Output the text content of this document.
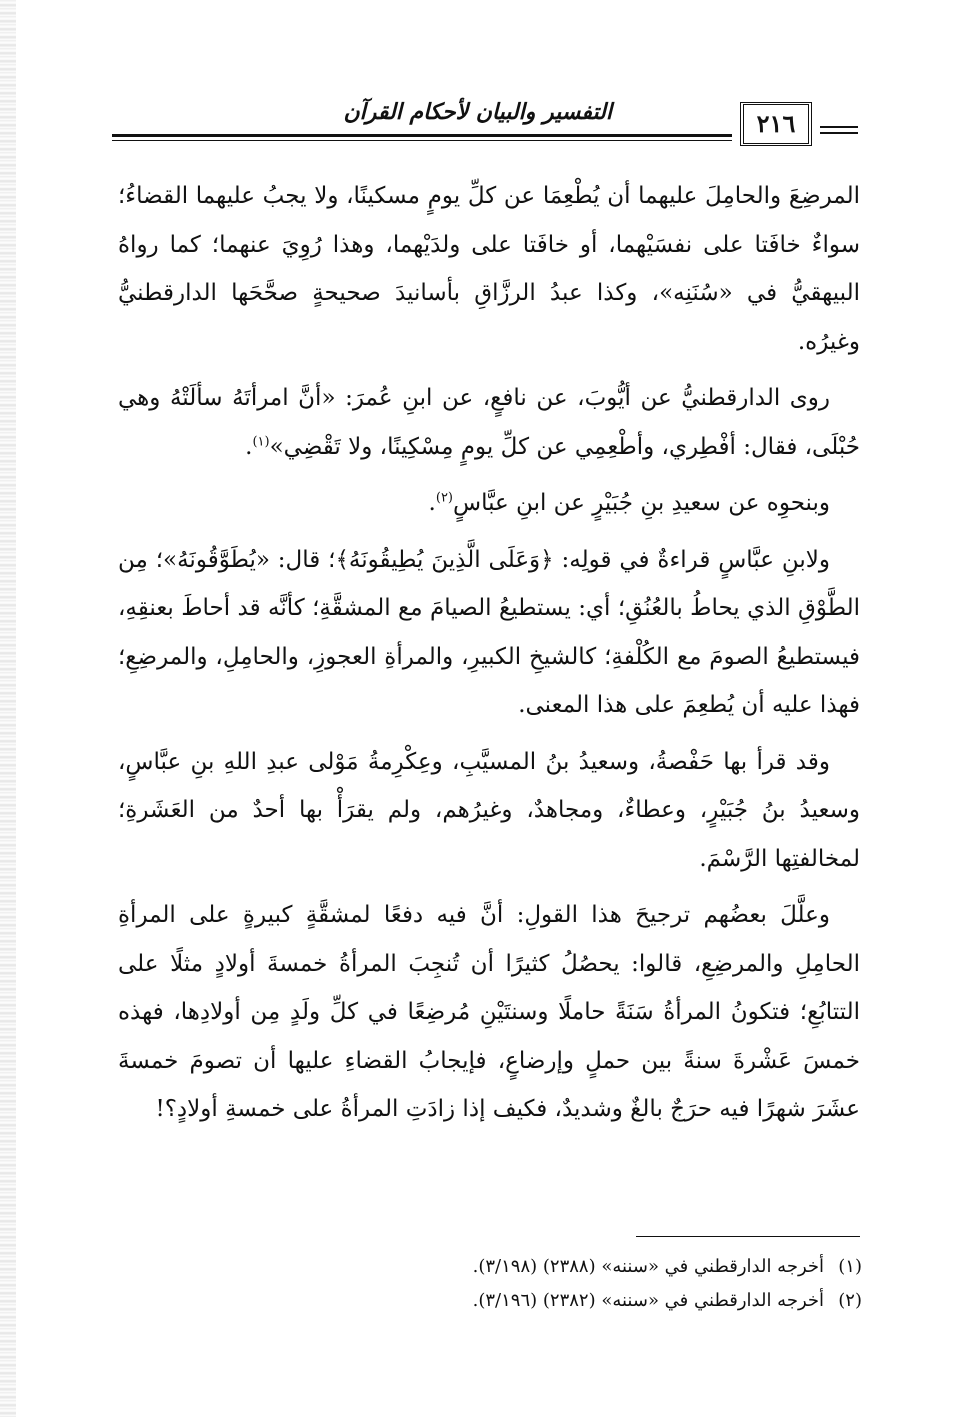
التفسير والبيان لأحكام القرآن	٢١٦

المرضِعَ والحامِلَ عليهما أن يُطْعِمَا عن كلِّ يومٍ مسكينًا، ولا يجبُ عليهما القضاءُ؛ سواءٌ خافَتا على نفسَيْهما، أو خافَتا على ولدَيْهما، وهذا رُوِيَ عنهما؛ كما رواهُ البيهقيُّ في «سُنَنِه»، وكذا عبدُ الرزَّاقِ بأسانيدَ صحيحةٍ صحَّحَها الدارقطنيُّ وغيرُه.

روى الدارقطنيُّ عن أيُّوبَ، عن نافعٍ، عن ابنِ عُمرَ: «أنَّ امرأتَهُ سألَتْهُ وهي حُبْلَى، فقال: أفْطِري، وأطْعِمِي عن كلِّ يومٍ مِسْكِينًا، ولا تَقْضِي»$^{(١)}$.

وبنحوِه عن سعيدِ بنِ جُبَيْرٍ عن ابنِ عبَّاسٍ$^{(٢)}$.

ولابنِ عبَّاسٍ قراءةٌ في قولِه: ﴿وَعَلَى الَّذِينَ يُطِيقُونَهُ﴾؛ قال: «يُطَوَّقُونَهُ»؛ مِن الطَّوْقِ الذي يحاطُ بالعُنُقِ؛ أي: يستطيعُ الصيامَ مع المشقَّةِ؛ كأنَّه قد أحاطَ بعنقِهِ، فيستطيعُ الصومَ مع الكُلْفةِ؛ كالشيخِ الكبيرِ، والمرأةِ العجوزِ، والحامِلِ، والمرضِعِ؛ فهذا عليه أن يُطعِمَ على هذا المعنى.

وقد قرأ بها حَفْصةُ، وسعيدُ بنُ المسيَّبِ، وعِكْرِمةُ مَوْلى عبدِ اللهِ بنِ عبَّاسٍ، وسعيدُ بنُ جُبَيْرٍ، وعطاءٌ، ومجاهدٌ، وغيرُهم، ولم يقرَأْ بها أحدٌ من العَشَرةِ؛ لمخالفتِها الرَّسْمَ.

وعلَّلَ بعضُهم ترجيحَ هذا القولِ: أنَّ فيه دفعًا لمشقَّةٍ كبيرةٍ على المرأةِ الحامِلِ والمرضِعِ، قالوا: يحصُلُ كثيرًا أن تُنجِبَ المرأةُ خمسةَ أولادٍ مثلًا على التتابُعِ؛ فتكونُ المرأةُ سَنَةً حاملًا وسنتَيْنِ مُرضِعًا في كلِّ ولَدٍ مِن أولادِها، فهذه خمسَ عَشْرةَ سنةً بين حملٍ وإرضاعٍ، فإيجابُ القضاءِ عليها أن تصومَ خمسةَ عشَرَ شهرًا فيه حرَجٌ بالغٌ وشديدٌ، فكيف إذا زادَتِ المرأةُ على خمسةِ أولادٍ؟!

(١)أخرجه الدارقطني في «سننه» (٢٣٨٨) (٣/١٩٨).
(٢)أخرجه الدارقطني في «سننه» (٢٣٨٢) (٣/١٩٦).
